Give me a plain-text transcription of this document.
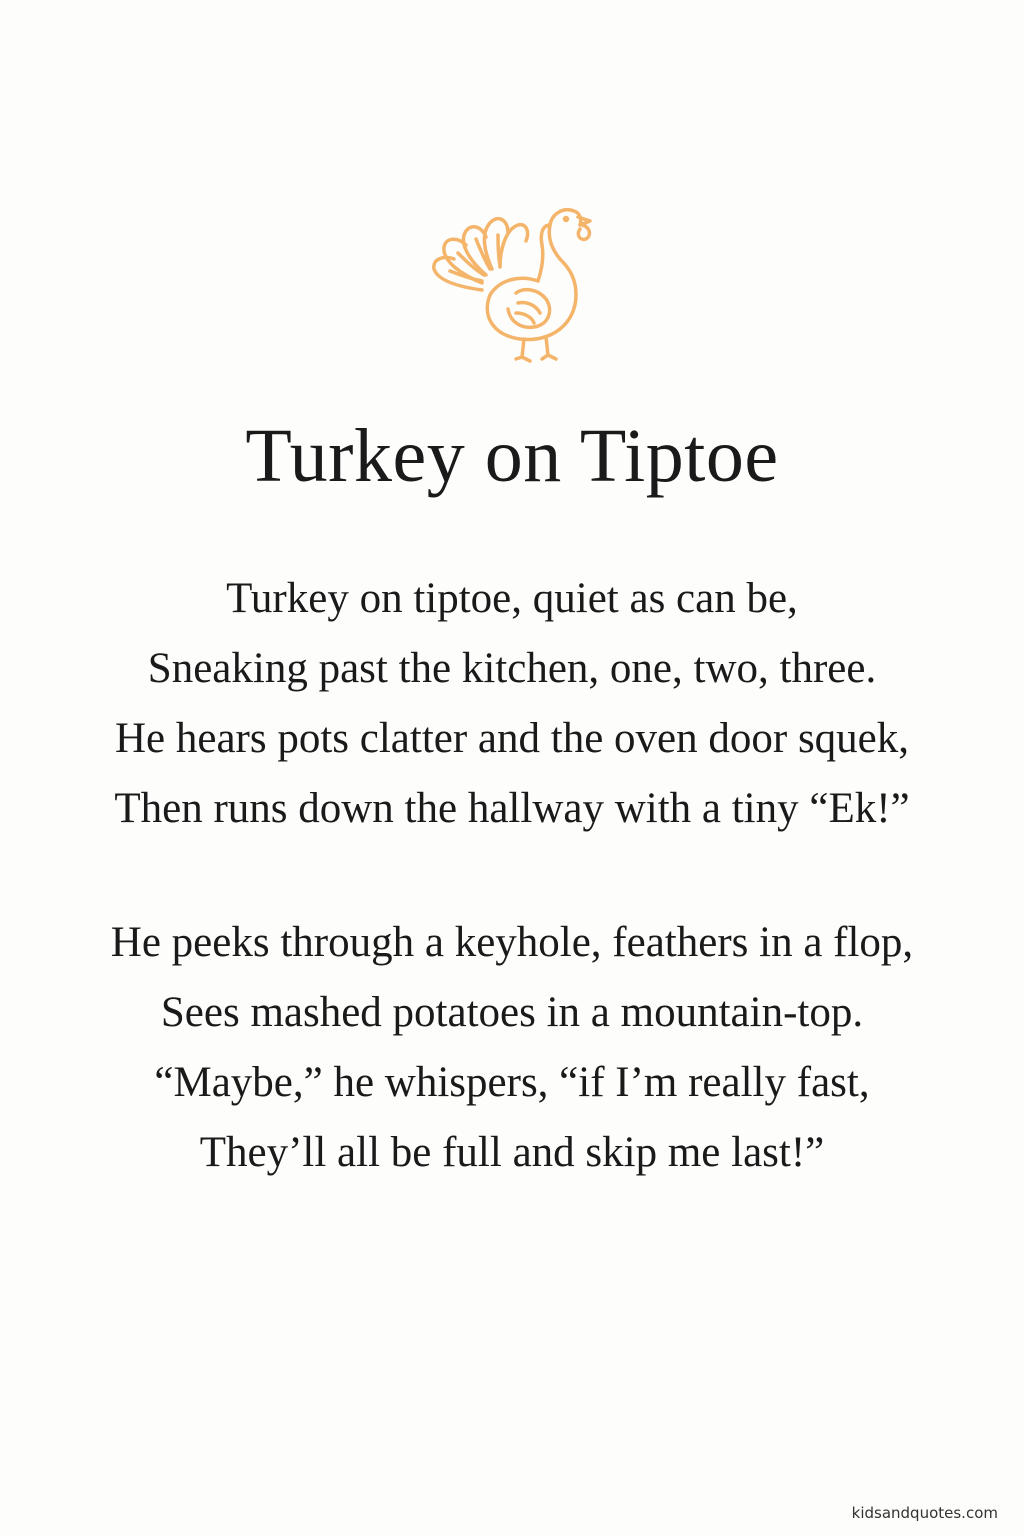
Turkey on Tiptoe
Turkey on tiptoe, quiet as can be,
Sneaking past the kitchen, one, two, three.
He hears pots clatter and the oven door squek,
Then runs down the hallway with a tiny “Ek!”
He peeks through a keyhole, feathers in a flop,
Sees mashed potatoes in a mountain-top.
“Maybe,” he whispers, “if I’m really fast,
They’ll all be full and skip me last!”
kidsandquotes.com
